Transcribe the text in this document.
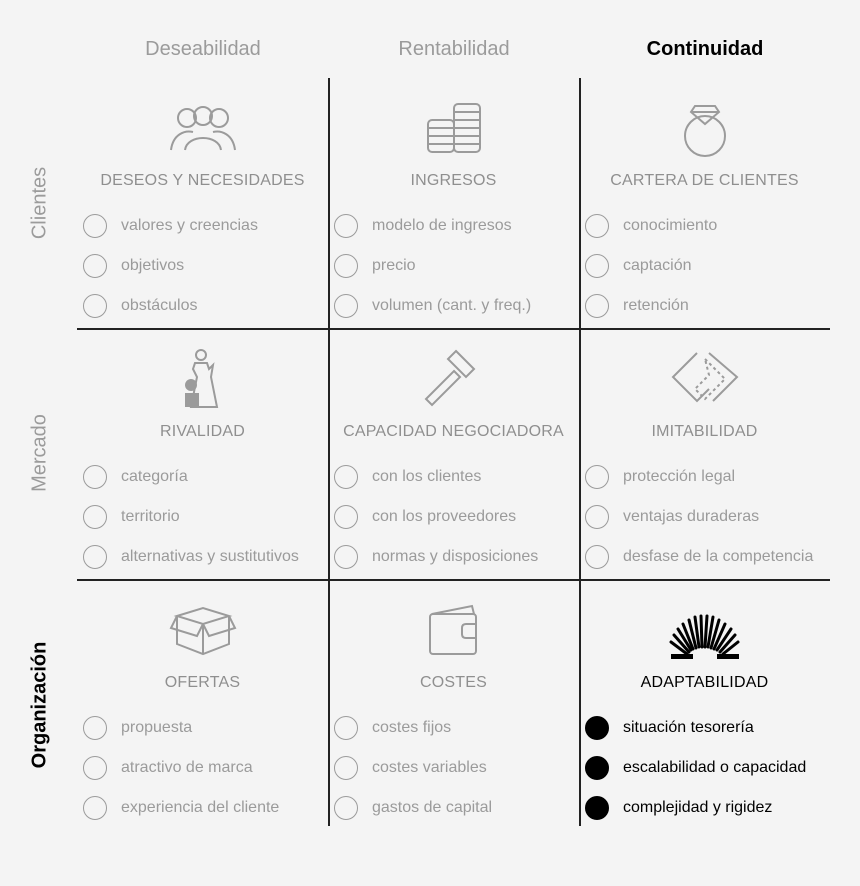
Deseabilidad	Rentabilidad	Continuidad
Clientes
Mercado
Organización
DESEOS Y NECESIDADES
valores y creencias
objetivos
obstáculos
INGRESOS
modelo de ingresos
precio
volumen (cant. y freq.)
CARTERA DE CLIENTES
conocimiento
captación
retención
RIVALIDAD
categoría
territorio
alternativas y sustitutivos
CAPACIDAD NEGOCIADORA
con los clientes
con los proveedores
normas y disposiciones
IMITABILIDAD
protección legal
ventajas duraderas
desfase de la competencia
OFERTAS
propuesta
atractivo de marca
experiencia del cliente
COSTES
costes fijos
costes variables
gastos de capital
ADAPTABILIDAD
situación tesorería
escalabilidad o capacidad
complejidad y rigidez
